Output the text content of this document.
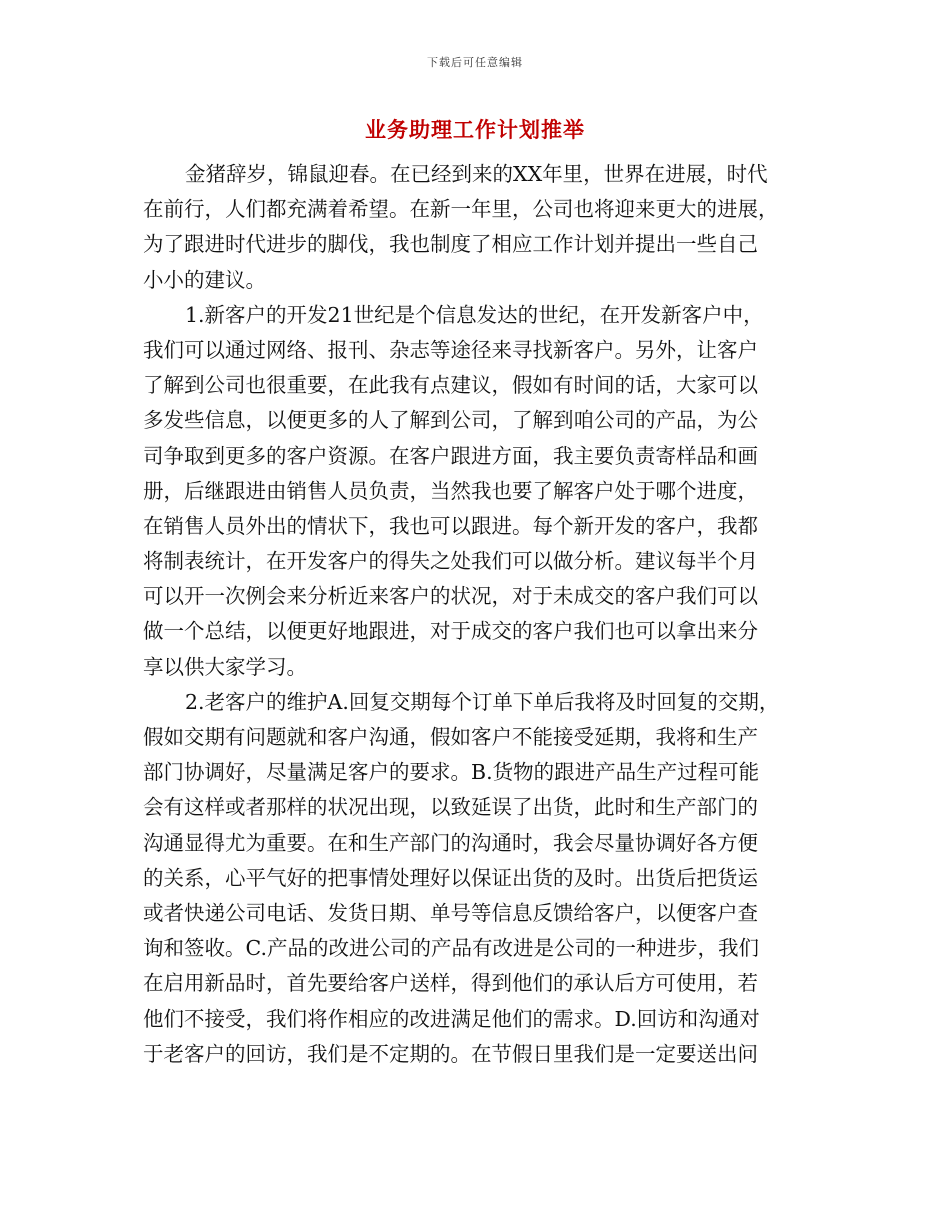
下载后可任意编辑
业务助理工作计划推举
金猪辞岁，锦鼠迎春。在已经到来的XX年里，世界在进展，时代
在前行，人们都充满着希望。在新一年里，公司也将迎来更大的进展，
为了跟进时代进步的脚伐，我也制度了相应工作计划并提出一些自己
小小的建议。
1.新客户的开发21世纪是个信息发达的世纪，在开发新客户中，
我们可以通过网络、报刊、杂志等途径来寻找新客户。另外，让客户
了解到公司也很重要，在此我有点建议，假如有时间的话，大家可以
多发些信息，以便更多的人了解到公司，了解到咱公司的产品，为公
司争取到更多的客户资源。在客户跟进方面，我主要负责寄样品和画
册，后继跟进由销售人员负责，当然我也要了解客户处于哪个进度，
在销售人员外出的情状下，我也可以跟进。每个新开发的客户，我都
将制表统计，在开发客户的得失之处我们可以做分析。建议每半个月
可以开一次例会来分析近来客户的状况，对于未成交的客户我们可以
做一个总结，以便更好地跟进，对于成交的客户我们也可以拿出来分
享以供大家学习。
2.老客户的维护A.回复交期每个订单下单后我将及时回复的交期，
假如交期有问题就和客户沟通，假如客户不能接受延期，我将和生产
部门协调好，尽量满足客户的要求。B.货物的跟进产品生产过程可能
会有这样或者那样的状况出现，以致延误了出货，此时和生产部门的
沟通显得尤为重要。在和生产部门的沟通时，我会尽量协调好各方便
的关系，心平气好的把事情处理好以保证出货的及时。出货后把货运
或者快递公司电话、发货日期、单号等信息反馈给客户，以便客户查
询和签收。C.产品的改进公司的产品有改进是公司的一种进步，我们
在启用新品时，首先要给客户送样，得到他们的承认后方可使用，若
他们不接受，我们将作相应的改进满足他们的需求。D.回访和沟通对
于老客户的回访，我们是不定期的。在节假日里我们是一定要送出问
